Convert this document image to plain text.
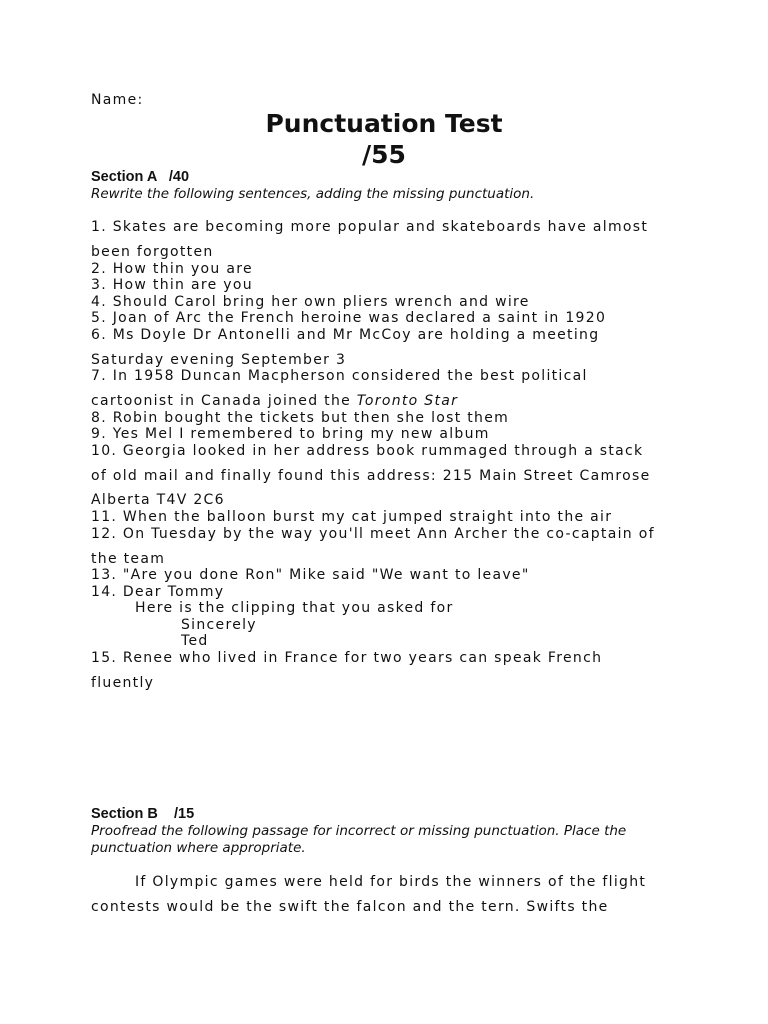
Name:
Punctuation Test
/55
Section A   /40
Rewrite the following sentences, adding the missing punctuation.
1. Skates are becoming more popular and skateboards have almost
been forgotten
2. How thin you are
3. How thin are you
4. Should Carol bring her own pliers wrench and wire
5. Joan of Arc the French heroine was declared a saint in 1920
6. Ms Doyle Dr Antonelli and Mr McCoy are holding a meeting
Saturday evening September 3
7. In 1958 Duncan Macpherson considered the best political
cartoonist in Canada joined the Toronto Star
8. Robin bought the tickets but then she lost them
9. Yes Mel I remembered to bring my new album
10. Georgia looked in her address book rummaged through a stack
of old mail and finally found this address: 215 Main Street Camrose
Alberta T4V 2C6
11. When the balloon burst my cat jumped straight into the air
12. On Tuesday by the way you'll meet Ann Archer the co-captain of
the team
13. "Are you done Ron" Mike said "We want to leave"
14. Dear Tommy
Here is the clipping that you asked for
Sincerely
Ted
15. Renee who lived in France for two years can speak French
fluently
Section B    /15
Proofread the following passage for incorrect or missing punctuation. Place the punctuation where appropriate.
If Olympic games were held for birds the winners of the flight
contests would be the swift the falcon and the tern. Swifts the
